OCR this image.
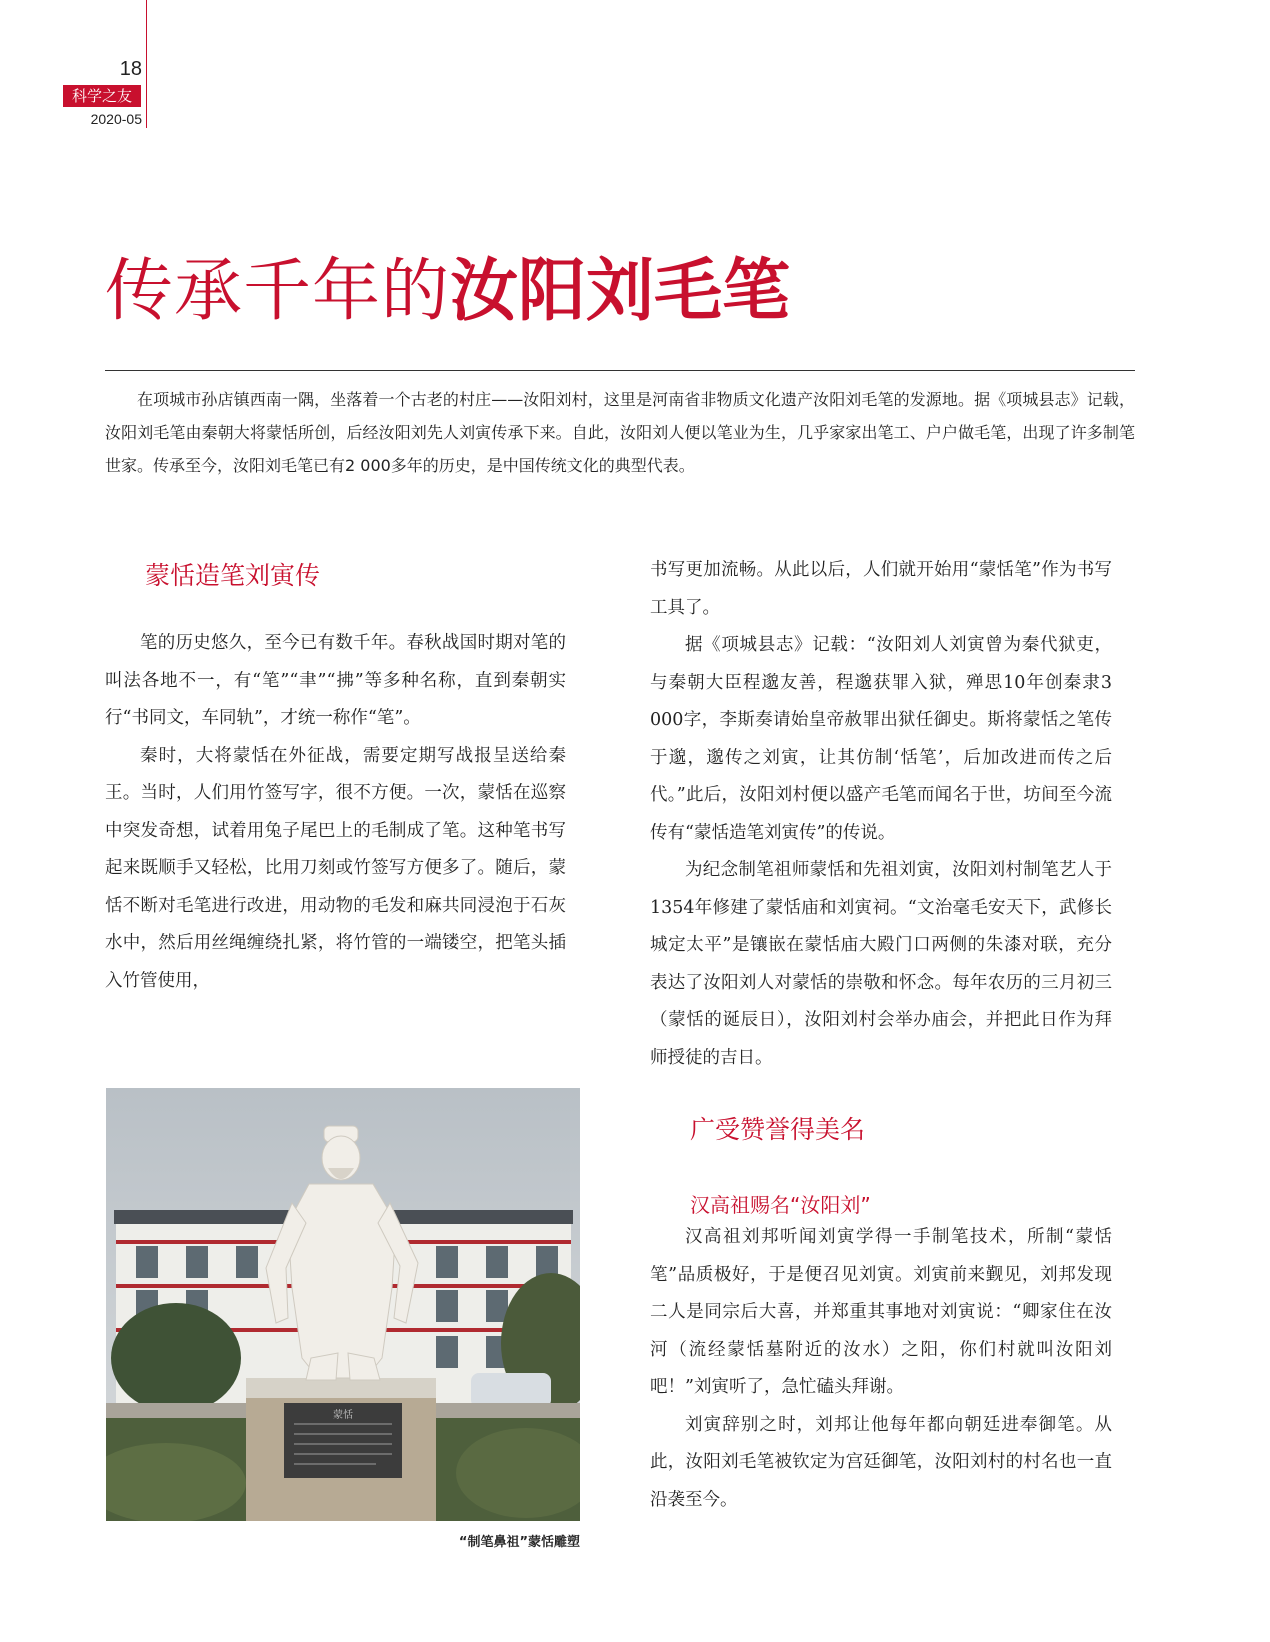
18
科学之友
2020-05
传承千年的汝阳刘毛笔

在项城市孙店镇西南一隅，坐落着一个古老的村庄——汝阳刘村，这里是河南省非物质文化遗产汝阳刘毛笔的发源地。据《项城县志》记载，汝阳刘毛笔由秦朝大将蒙恬所创，后经汝阳刘先人刘寅传承下来。自此，汝阳刘人便以笔业为生，几乎家家出笔工、户户做毛笔，出现了许多制笔世家。传承至今，汝阳刘毛笔已有2 000多年的历史，是中国传统文化的典型代表。

蒙恬造笔刘寅传

笔的历史悠久，至今已有数千年。春秋战国时期对笔的叫法各地不一，有“笔”“聿”“拂”等多种名称，直到秦朝实行“书同文，车同轨”，才统一称作“笔”。

秦时，大将蒙恬在外征战，需要定期写战报呈送给秦王。当时，人们用竹签写字，很不方便。一次，蒙恬在巡察中突发奇想，试着用兔子尾巴上的毛制成了笔。这种笔书写起来既顺手又轻松，比用刀刻或竹签写方便多了。随后，蒙恬不断对毛笔进行改进，用动物的毛发和麻共同浸泡于石灰水中，然后用丝绳缠绕扎紧，将竹管的一端镂空，把笔头插入竹管使用，

蒙恬
“制笔鼻祖”蒙恬雕塑

书写更加流畅。从此以后，人们就开始用“蒙恬笔”作为书写工具了。

据《项城县志》记载：“汝阳刘人刘寅曾为秦代狱吏，与秦朝大臣程邈友善，程邈获罪入狱，殚思10年创秦隶3 000字，李斯奏请始皇帝赦罪出狱任御史。斯将蒙恬之笔传于邈，邈传之刘寅，让其仿制‘恬笔’，后加改进而传之后代。”此后，汝阳刘村便以盛产毛笔而闻名于世，坊间至今流传有“蒙恬造笔刘寅传”的传说。

为纪念制笔祖师蒙恬和先祖刘寅，汝阳刘村制笔艺人于1354年修建了蒙恬庙和刘寅祠。“文治毫毛安天下，武修长城定太平”是镶嵌在蒙恬庙大殿门口两侧的朱漆对联，充分表达了汝阳刘人对蒙恬的崇敬和怀念。每年农历的三月初三（蒙恬的诞辰日），汝阳刘村会举办庙会，并把此日作为拜师授徒的吉日。

广受赞誉得美名
汉高祖赐名“汝阳刘”

汉高祖刘邦听闻刘寅学得一手制笔技术，所制“蒙恬笔”品质极好，于是便召见刘寅。刘寅前来觐见，刘邦发现二人是同宗后大喜，并郑重其事地对刘寅说：“卿家住在汝河（流经蒙恬墓附近的汝水）之阳，你们村就叫汝阳刘吧！”刘寅听了，急忙磕头拜谢。

刘寅辞别之时，刘邦让他每年都向朝廷进奉御笔。从此，汝阳刘毛笔被钦定为宫廷御笔，汝阳刘村的村名也一直沿袭至今。
